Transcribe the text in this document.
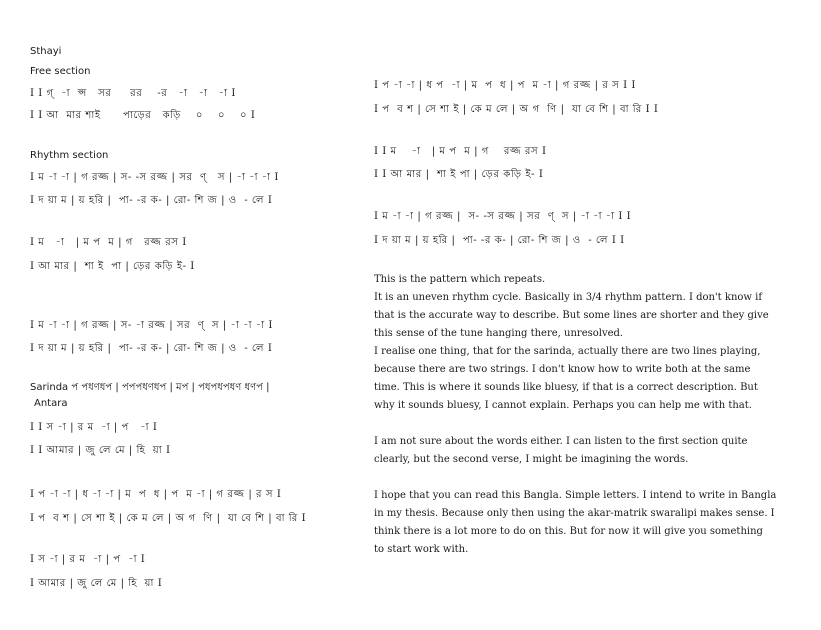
Sthayi
Free section
I I গ্  -া  প্স   সর     রর    -র   -া   -া   -া I
I I আ  মার শাই      পাড়ের   কড়ি    ০    ০    ০ I
Rhythm section
I ম -া -া | গ রজ্জ | স- -স রজ্জ | সর  ণ্   স | -া -া -া I
I দ য়া ম | য় হরি |  পা- -র ক- | রো- শি জ | ও  - লে I
I ম   -া   | ম প  ম | গ   রজ্জ রস I
I আ মার |  শা ই  পা | ড়ের কড়ি ই- I
I ম -া -া | গ রজ্জ | স- -া রজ্জ | সর  ণ্  স | -া -া -া I
I দ য়া ম | য় হরি |  পা- -র ক- | রো- শি জ | ও  - লে I
Sarinda প পধণধপ | পপপধণধপ | মপ | পধপধপধণ ধণপ |
Antara
I I স -া | র ম  -া | প   -া I
I I আমার | জু লে মে | হি  য়া I
I প -া -া | ধ -া -া | ম  প  ধ | প  ম -া | গ রজ্জ | র স I
I প  ব শ | সে শা ই | কে ম লে | অ গ  ণি |  যা বে শি | বা রি I
I স -া | র ম  -া | প  -া I
I আমার | জু লে মে | হি  য়া I
I প -া -া | ধ প  -া | ম  প  ধ | প  ম -া | গ রজ্জ | র স I I
I প  ব শ | সে শা ই | কে ম লে | অ গ  ণি |  যা বে শি | বা রি I I
I I ম    -া   | ম প  ম | গ    রজ্জ রস I
I I আ মার |  শা ই পা | ড়ের কড়ি ই- I
I ম -া -া | গ রজ্জ |  স- -স রজ্জ | সর  ণ্  স | -া -া -া I I
I দ য়া ম | য় হরি |  পা- -র ক- | রো- শি জ | ও  - লে I I
This is the pattern which repeats.
It is an uneven rhythm cycle. Basically in 3/4 rhythm pattern. I don't know if
that is the accurate way to describe. But some lines are shorter and they give
this sense of the tune hanging there, unresolved.
I realise one thing, that for the sarinda, actually there are two lines playing,
because there are two strings. I don't know how to write both at the same
time. This is where it sounds like bluesy, if that is a correct description. But
why it sounds bluesy, I cannot explain. Perhaps you can help me with that.
I am not sure about the words either. I can listen to the first section quite
clearly, but the second verse, I might be imagining the words.
I hope that you can read this Bangla. Simple letters. I intend to write in Bangla
in my thesis. Because only then using the akar-matrik swaralipi makes sense. I
think there is a lot more to do on this. But for now it will give you something
to start work with.
